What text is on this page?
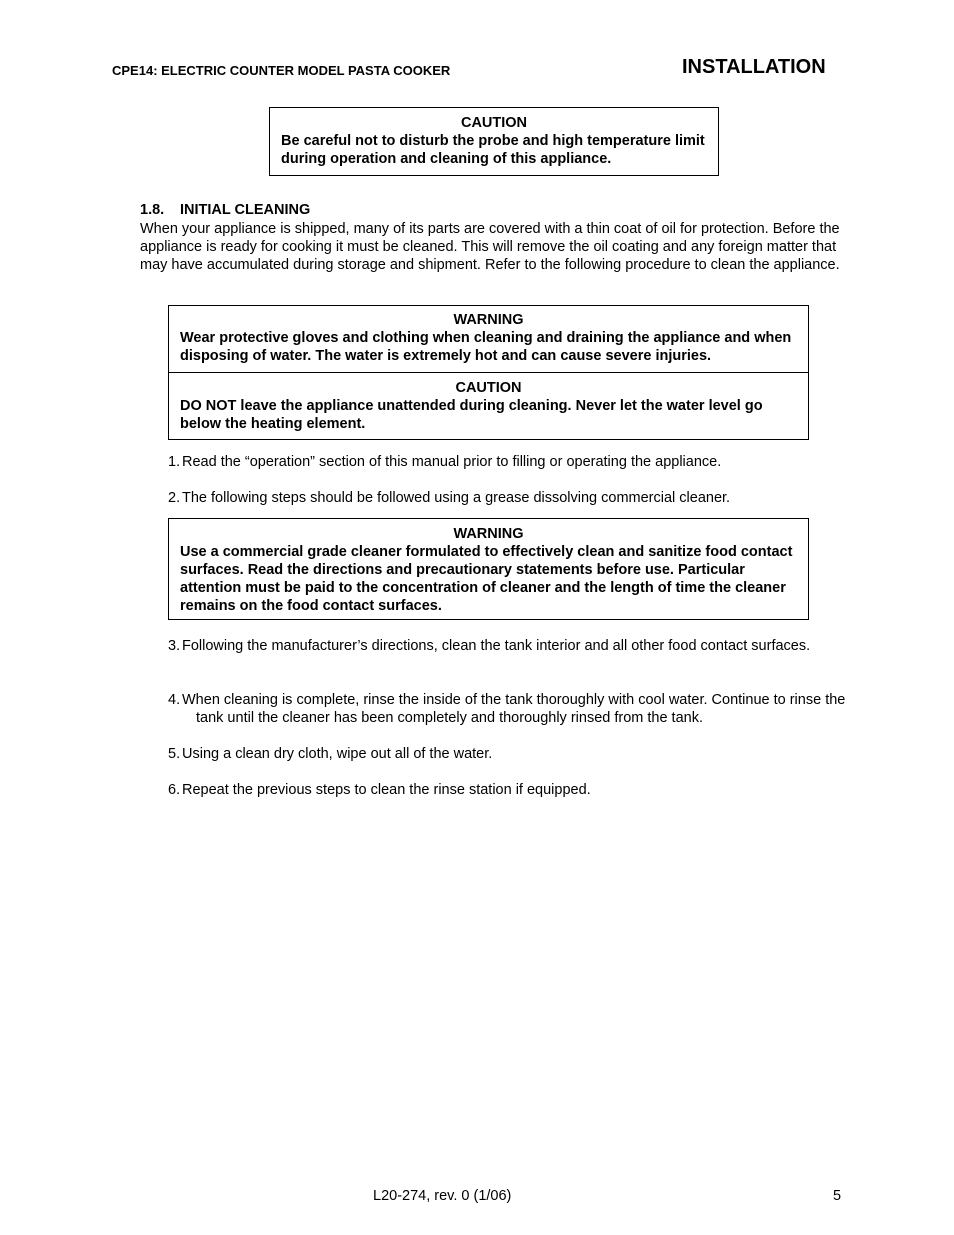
CPE14: ELECTRIC COUNTER MODEL PASTA COOKER	INSTALLATION
CAUTION
Be careful not to disturb the probe and high temperature limit during operation and cleaning of this appliance.
1.8. INITIAL CLEANING
When your appliance is shipped, many of its parts are covered with a thin coat of oil for protection. Before the appliance is ready for cooking it must be cleaned. This will remove the oil coating and any foreign matter that may have accumulated during storage and shipment. Refer to the following procedure to clean the appliance.
WARNING
Wear protective gloves and clothing when cleaning and draining the appliance and when disposing of water. The water is extremely hot and can cause severe injuries.
CAUTION
DO NOT leave the appliance unattended during cleaning. Never let the water level go below the heating element.
1. Read the “operation” section of this manual prior to filling or operating the appliance.
2. The following steps should be followed using a grease dissolving commercial cleaner.
WARNING
Use a commercial grade cleaner formulated to effectively clean and sanitize food contact surfaces. Read the directions and precautionary statements before use. Particular attention must be paid to the concentration of cleaner and the length of time the cleaner remains on the food contact surfaces.
3. Following the manufacturer’s directions, clean the tank interior and all other food contact surfaces.
4. When cleaning is complete, rinse the inside of the tank thoroughly with cool water. Continue to rinse the tank until the cleaner has been completely and thoroughly rinsed from the tank.
5. Using a clean dry cloth, wipe out all of the water.
6. Repeat the previous steps to clean the rinse station if equipped.
L20-274, rev. 0 (1/06)	5
